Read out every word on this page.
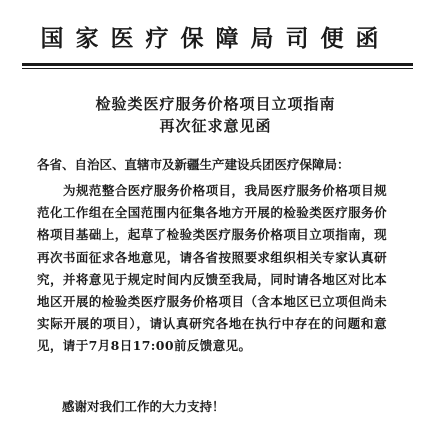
国家医疗保障局司便函
检验类医疗服务价格项目立项指南
再次征求意见函
各省、自治区、直辖市及新疆生产建设兵团医疗保障局：
为规范整合医疗服务价格项目，我局医疗服务价格项目规范化工作组在全国范围内征集各地方开展的检验类医疗服务价格项目基础上，起草了检验类医疗服务价格项目立项指南，现再次书面征求各地意见，请各省按照要求组织相关专家认真研究，并将意见于规定时间内反馈至我局，同时请各地区对比本地区开展的检验类医疗服务价格项目（含本地区已立项但尚未实际开展的项目），请认真研究各地在执行中存在的问题和意见，请于7月8日17:00前反馈意见。
感谢对我们工作的大力支持！
